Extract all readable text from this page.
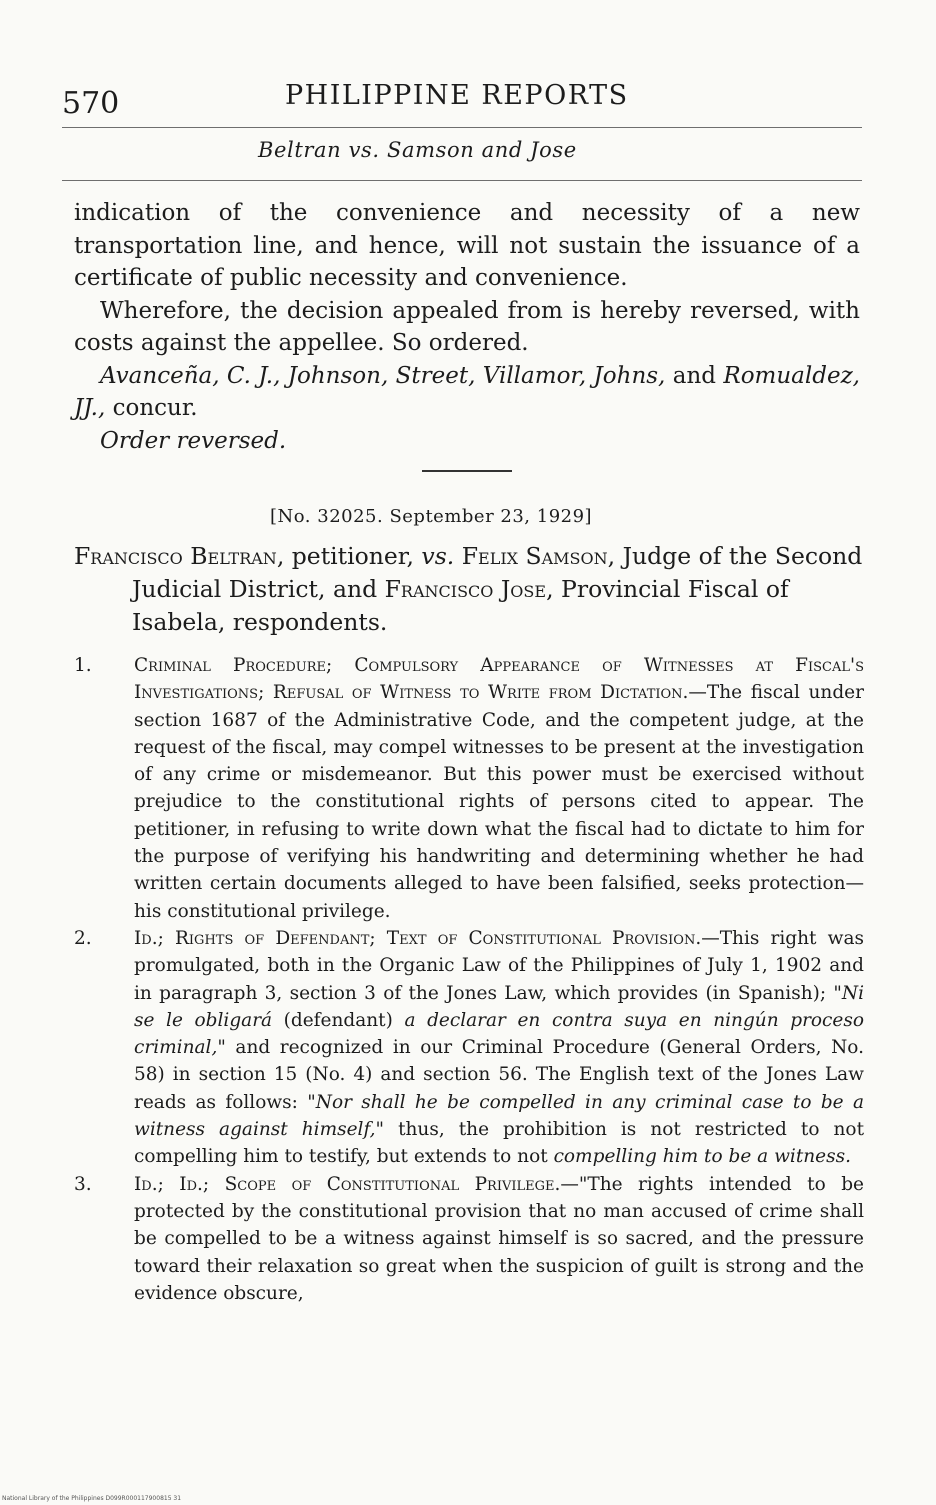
570	PHILIPPINE REPORTS
Beltran vs. Samson and Jose

indication of the convenience and necessity of a new transportation line, and hence, will not sustain the issuance of a certificate of public necessity and convenience.

Wherefore, the decision appealed from is hereby reversed, with costs against the appellee. So ordered.

Avanceña, C. J., Johnson, Street, Villamor, Johns, and Romualdez, JJ., concur.

Order reversed.

[No. 32025. September 23, 1929]
Francisco Beltran, petitioner, vs. Felix Samson, Judge of the Second Judicial District, and Francisco Jose, Provincial Fiscal of Isabela, respondents.
1. Criminal Procedure; Compulsory Appearance of Witnesses at Fiscal's Investigations; Refusal of Witness to Write from Dictation.—The fiscal under section 1687 of the Administrative Code, and the competent judge, at the request of the fiscal, may compel witnesses to be present at the investigation of any crime or misdemeanor. But this power must be exercised without prejudice to the constitutional rights of persons cited to appear. The petitioner, in refusing to write down what the fiscal had to dictate to him for the purpose of verifying his handwriting and determining whether he had written certain documents alleged to have been falsified, seeks protection—his constitutional privilege.
2. Id.; Rights of Defendant; Text of Constitutional Provision.—This right was promulgated, both in the Organic Law of the Philippines of July 1, 1902 and in paragraph 3, section 3 of the Jones Law, which provides (in Spanish); "Ni se le obligará (defendant) a declarar en contra suya en ningún proceso criminal," and recognized in our Criminal Procedure (General Orders, No. 58) in section 15 (No. 4) and section 56. The English text of the Jones Law reads as follows: "Nor shall he be compelled in any criminal case to be a witness against himself," thus, the prohibition is not restricted to not compelling him to testify, but extends to not compelling him to be a witness.
3. Id.; Id.; Scope of Constitutional Privilege.—"The rights intended to be protected by the constitutional provision that no man accused of crime shall be compelled to be a witness against himself is so sacred, and the pressure toward their relaxation so great when the suspicion of guilt is strong and the evidence obscure,
National Library of the Philippines D099R000117900815 31
